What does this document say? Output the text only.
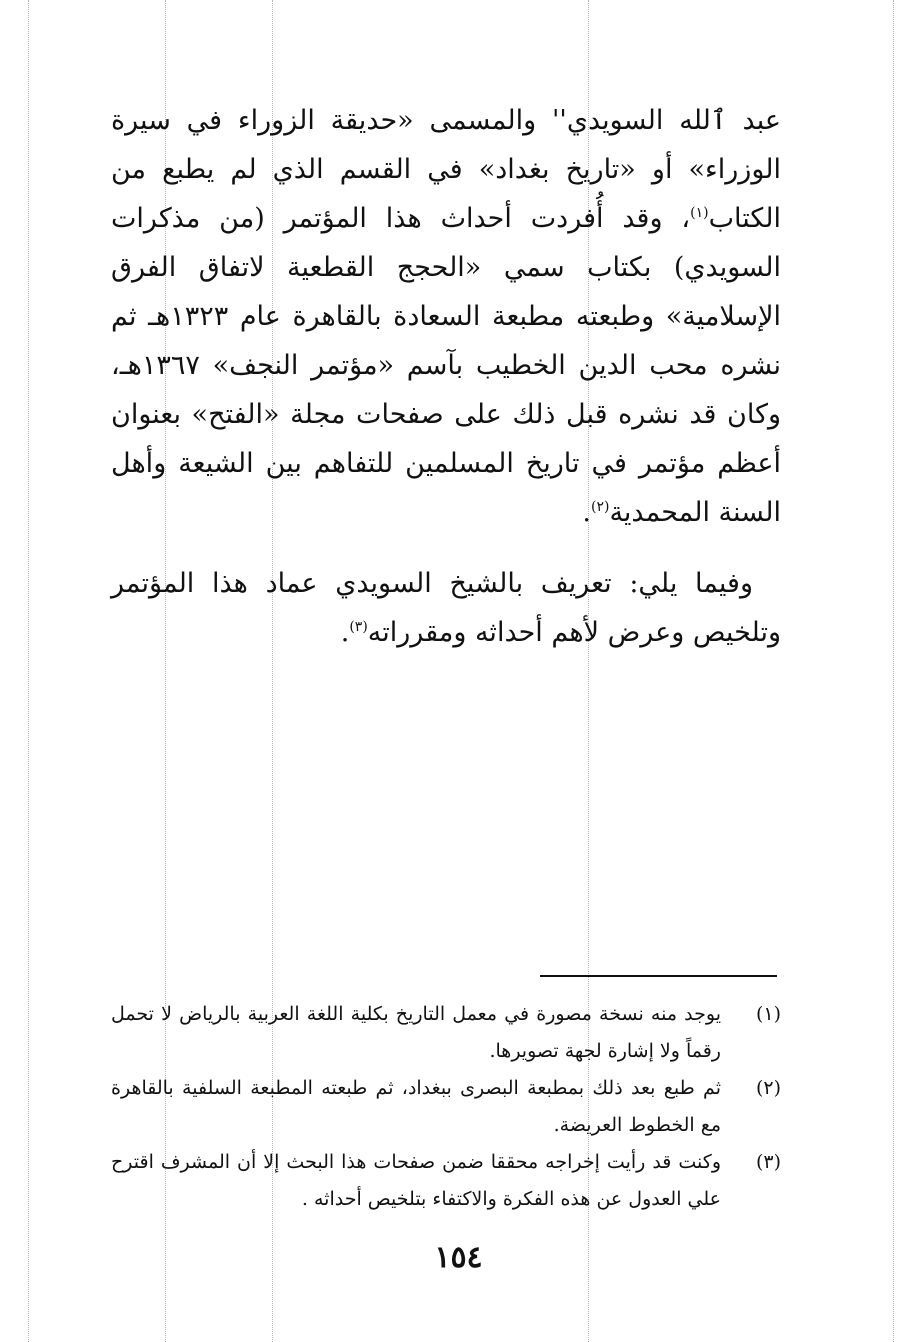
عبد ٱلله السويدي'' والمسمى «حديقة الزوراء في سيرة الوزراء» أو «تاريخ بغداد» في القسم الذي لم يطبع من الكتاب$^{(١)}$، وقد أُفردت أحداث هذا المؤتمر (من مذكرات السويدي) بكتاب سمي «الحجج القطعية لاتفاق الفرق الإسلامية» وطبعته مطبعة السعادة بالقاهرة عام ١٣٢٣هـ ثم نشره محب الدين الخطيب بآسم «مؤتمر النجف» ١٣٦٧هـ، وكان قد نشره قبل ذلك على صفحات مجلة «الفتح» بعنوان أعظم مؤتمر في تاريخ المسلمين للتفاهم بين الشيعة وأهل السنة المحمدية$^{(٢)}$.

وفيما يلي: تعريف بالشيخ السويدي عماد هذا المؤتمر وتلخيص وعرض لأهم أحداثه ومقرراته$^{(٣)}$.

(١)
يوجد منه نسخة مصورة في معمل التاريخ بكلية اللغة العربية بالرياض لا تحمل رقماً ولا إشارة لجهة تصويرها.
(٢)
ثم طبع بعد ذلك بمطبعة البصرى ببغداد، ثم طبعته المطبعة السلفية بالقاهرة مع الخطوط العريضة.
(٣)
وكنت قد رأيت إخراجه محققا ضمن صفحات هذا البحث إلا أن المشرف اقترح علي العدول عن هذه الفكرة والاكتفاء بتلخيص أحداثه .
١٥٤
